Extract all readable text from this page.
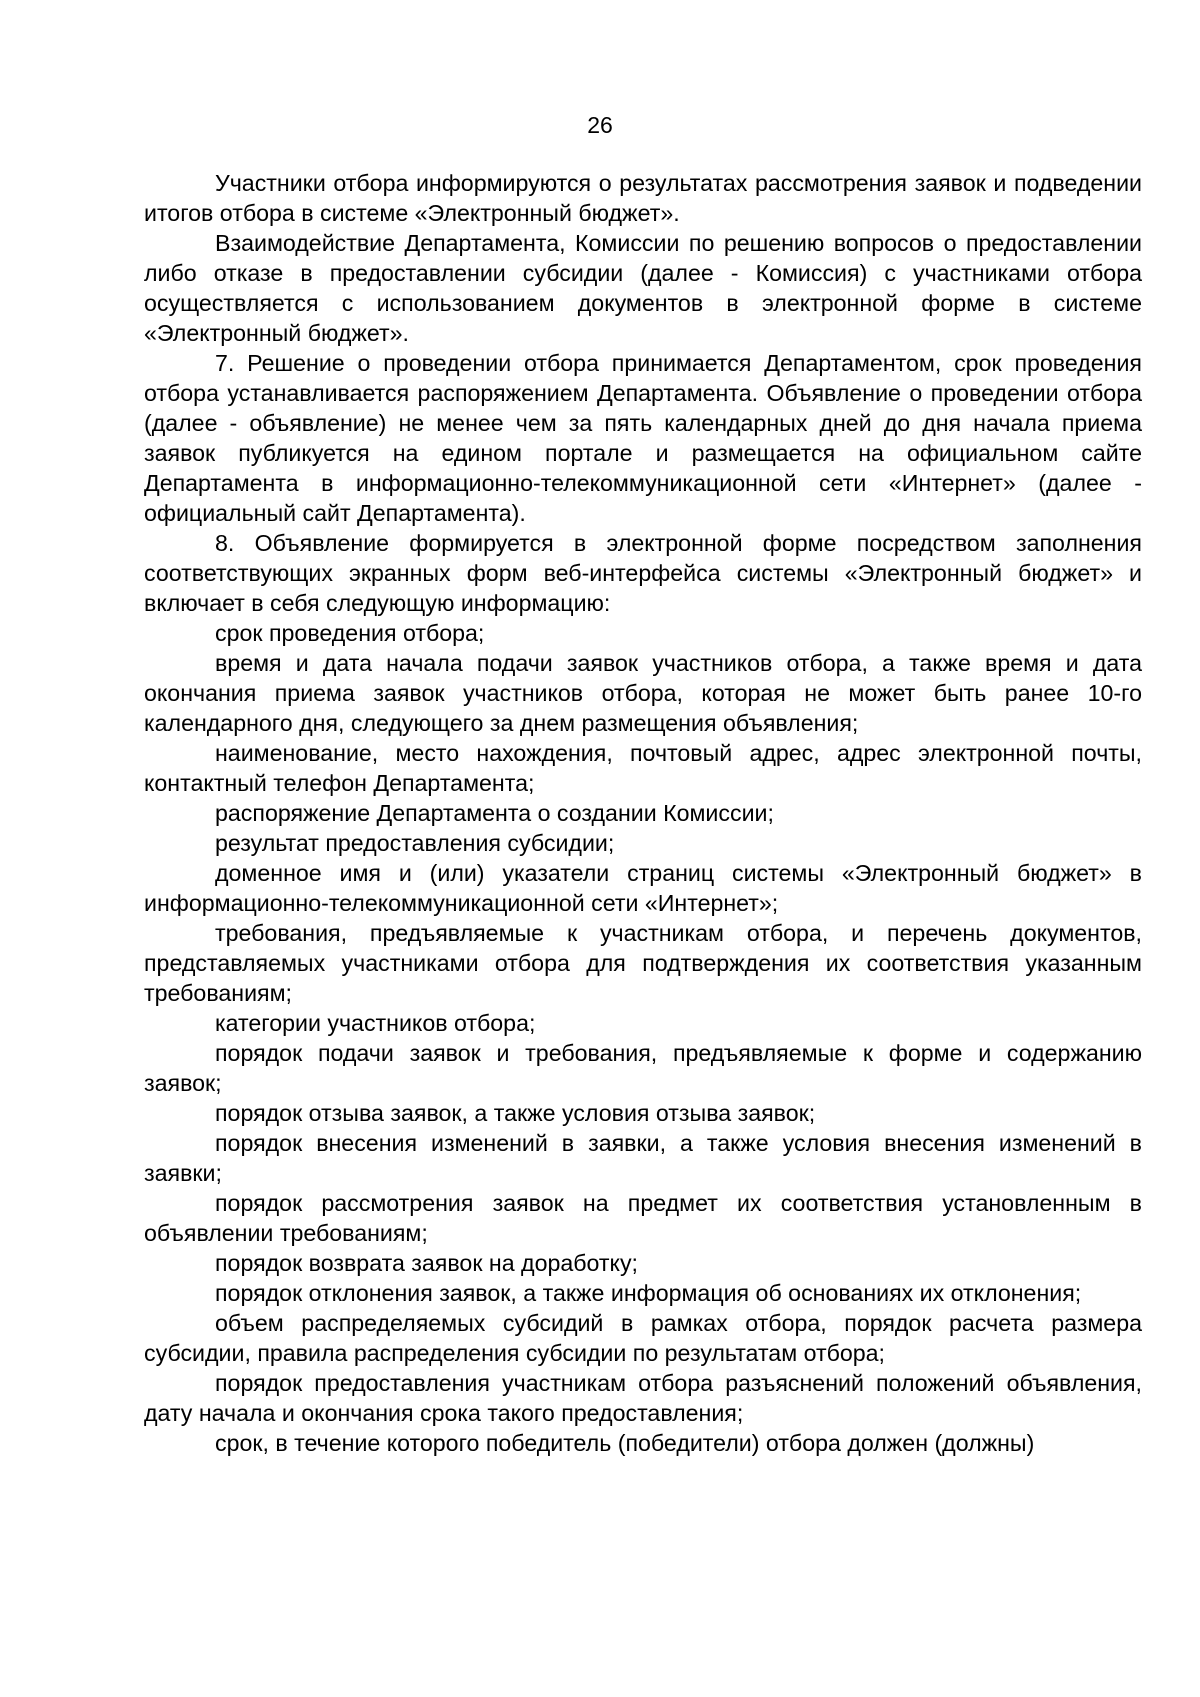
26

Участники отбора информируются о результатах рассмотрения заявок и подведении итогов отбора в системе «Электронный бюджет».

Взаимодействие Департамента, Комиссии по решению вопросов о предоставлении либо отказе в предоставлении субсидии (далее - Комиссия) с участниками отбора осуществляется с использованием документов в электронной форме в системе «Электронный бюджет».

7. Решение о проведении отбора принимается Департаментом, срок проведения отбора устанавливается распоряжением Департамента. Объявление о проведении отбора (далее - объявление) не менее чем за пять календарных дней до дня начала приема заявок публикуется на едином портале и размещается на официальном сайте Департамента в информационно-телекоммуникационной сети «Интернет» (далее - официальный сайт Департамента).

8. Объявление формируется в электронной форме посредством заполнения соответствующих экранных форм веб-интерфейса системы «Электронный бюджет» и включает в себя следующую информацию:

срок проведения отбора;

время и дата начала подачи заявок участников отбора, а также время и дата окончания приема заявок участников отбора, которая не может быть ранее 10-го календарного дня, следующего за днем размещения объявления;

наименование, место нахождения, почтовый адрес, адрес электронной почты, контактный телефон Департамента;

распоряжение Департамента о создании Комиссии;

результат предоставления субсидии;

доменное имя и (или) указатели страниц системы «Электронный бюджет» в информационно-телекоммуникационной сети «Интернет»;

требования, предъявляемые к участникам отбора, и перечень документов, представляемых участниками отбора для подтверждения их соответствия указанным требованиям;

категории участников отбора;

порядок подачи заявок и требования, предъявляемые к форме и содержанию заявок;

порядок отзыва заявок, а также условия отзыва заявок;

порядок внесения изменений в заявки, а также условия внесения изменений в заявки;

порядок рассмотрения заявок на предмет их соответствия установленным в объявлении требованиям;

порядок возврата заявок на доработку;

порядок отклонения заявок, а также информация об основаниях их отклонения;

объем распределяемых субсидий в рамках отбора, порядок расчета размера субсидии, правила распределения субсидии по результатам отбора;

порядок предоставления участникам отбора разъяснений положений объявления, дату начала и окончания срока такого предоставления;

срок, в течение которого победитель (победители) отбора должен (должны)
